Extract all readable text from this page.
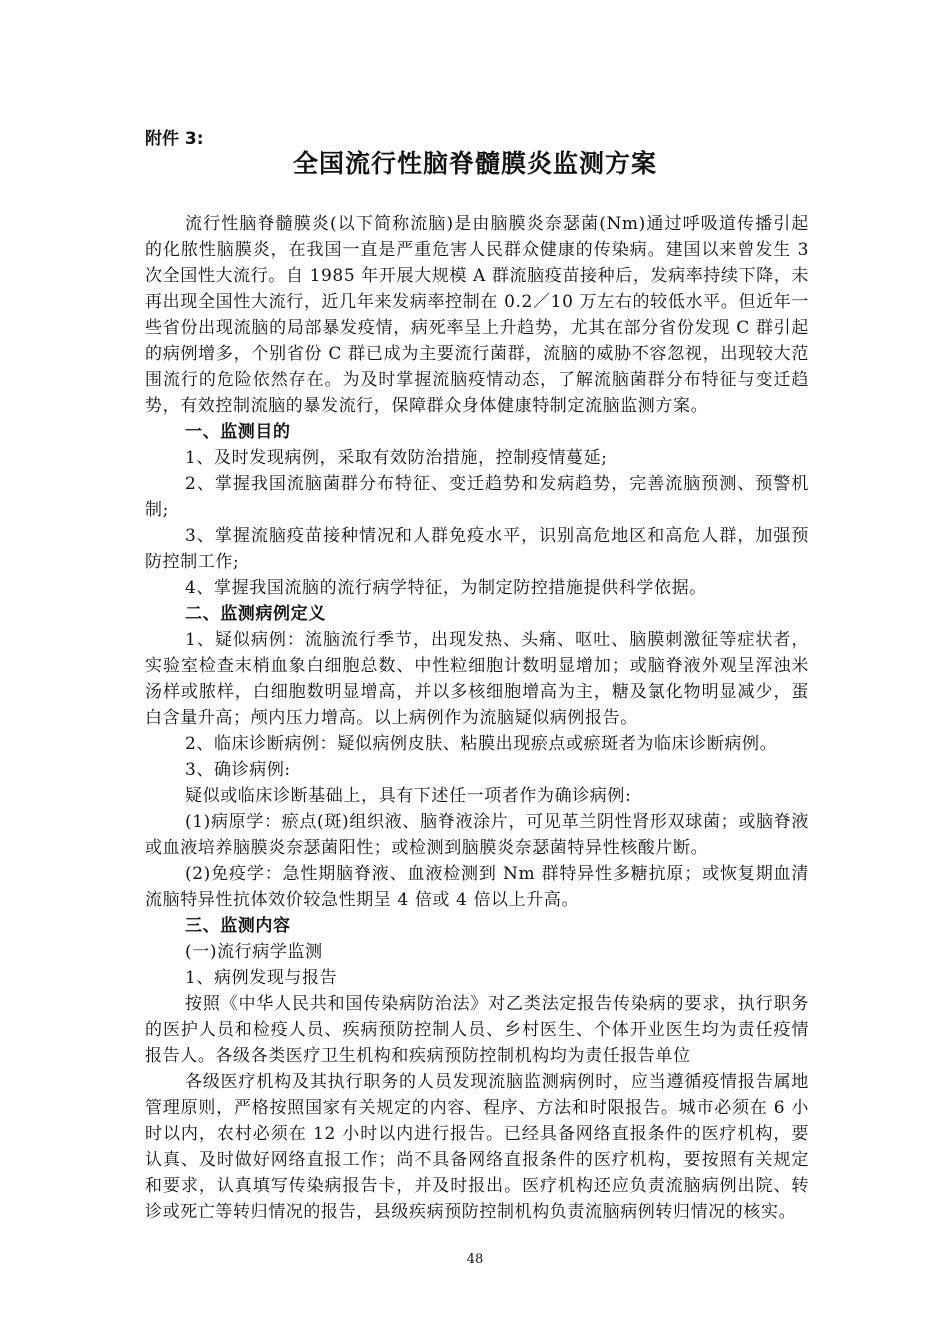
附件 3:
全国流行性脑脊髓膜炎监测方案
流行性脑脊髓膜炎(以下简称流脑)是由脑膜炎奈瑟菌(Nm)通过呼吸道传播引起的化脓性脑膜炎，在我国一直是严重危害人民群众健康的传染病。建国以来曾发生 3 次全国性大流行。自 1985 年开展大规模 A 群流脑疫苗接种后，发病率持续下降，未再出现全国性大流行，近几年来发病率控制在 0.2／10 万左右的较低水平。但近年一些省份出现流脑的局部暴发疫情，病死率呈上升趋势，尤其在部分省份发现 C 群引起的病例增多，个别省份 C 群已成为主要流行菌群，流脑的威胁不容忽视，出现较大范围流行的危险依然存在。为及时掌握流脑疫情动态，了解流脑菌群分布特征与变迁趋势，有效控制流脑的暴发流行，保障群众身体健康特制定流脑监测方案。
一、监测目的
1、及时发现病例，采取有效防治措施，控制疫情蔓延;
2、掌握我国流脑菌群分布特征、变迁趋势和发病趋势，完善流脑预测、预警机制;
3、掌握流脑疫苗接种情况和人群免疫水平，识别高危地区和高危人群，加强预防控制工作;
4、掌握我国流脑的流行病学特征，为制定防控措施提供科学依据。
二、监测病例定义
1、疑似病例：流脑流行季节，出现发热、头痛、呕吐、脑膜刺激征等症状者，实验室检查末梢血象白细胞总数、中性粒细胞计数明显增加；或脑脊液外观呈浑浊米汤样或脓样，白细胞数明显增高，并以多核细胞增高为主，糖及氯化物明显减少，蛋白含量升高；颅内压力增高。以上病例作为流脑疑似病例报告。
2、临床诊断病例：疑似病例皮肤、粘膜出现瘀点或瘀斑者为临床诊断病例。
3、确诊病例:
疑似或临床诊断基础上，具有下述任一项者作为确诊病例:
(1)病原学：瘀点(斑)组织液、脑脊液涂片，可见革兰阴性肾形双球菌；或脑脊液或血液培养脑膜炎奈瑟菌阳性；或检测到脑膜炎奈瑟菌特异性核酸片断。
(2)免疫学：急性期脑脊液、血液检测到 Nm 群特异性多糖抗原；或恢复期血清流脑特异性抗体效价较急性期呈 4 倍或 4 倍以上升高。
三、监测内容
(一)流行病学监测
1、病例发现与报告
按照《中华人民共和国传染病防治法》对乙类法定报告传染病的要求，执行职务的医护人员和检疫人员、疾病预防控制人员、乡村医生、个体开业医生均为责任疫情报告人。各级各类医疗卫生机构和疾病预防控制机构均为责任报告单位
各级医疗机构及其执行职务的人员发现流脑监测病例时，应当遵循疫情报告属地管理原则，严格按照国家有关规定的内容、程序、方法和时限报告。城市必须在 6 小时以内，农村必须在 12 小时以内进行报告。已经具备网络直报条件的医疗机构，要认真、及时做好网络直报工作；尚不具备网络直报条件的医疗机构，要按照有关规定和要求，认真填写传染病报告卡，并及时报出。医疗机构还应负责流脑病例出院、转诊或死亡等转归情况的报告，县级疾病预防控制机构负责流脑病例转归情况的核实。
48
